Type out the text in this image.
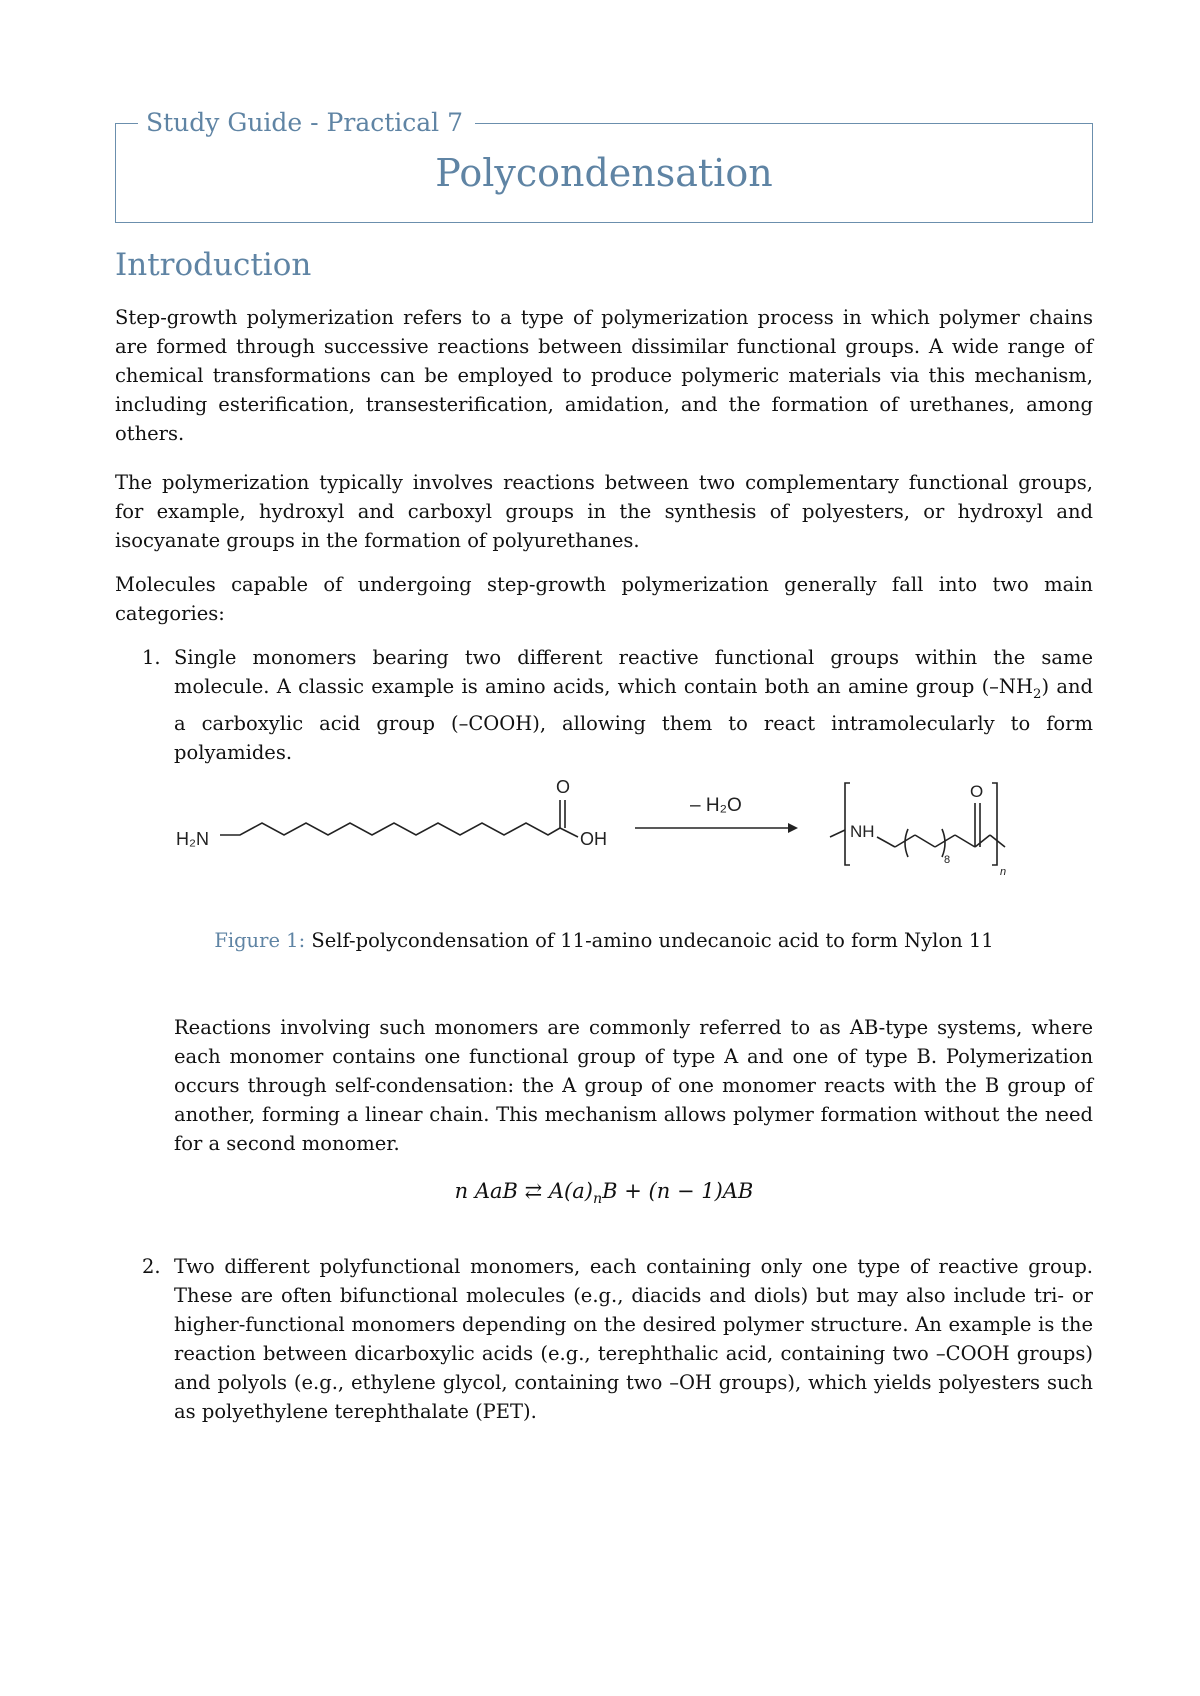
Study Guide - Practical 7
Polycondensation
Introduction

Step-growth polymerization refers to a type of polymerization process in which polymer chains are formed through successive reactions between dissimilar functional groups. A wide range of chemical transformations can be employed to produce polymeric materials via this mechanism, including esterification, transesterification, amidation, and the formation of urethanes, among others.

The polymerization typically involves reactions between two complementary functional groups, for example, hydroxyl and carboxyl groups in the synthesis of polyesters, or hydroxyl and isocyanate groups in the formation of polyurethanes.

Molecules capable of undergoing step-growth polymerization generally fall into two main categories:

1. Single monomers bearing two different reactive functional groups within the same molecule. A classic example is amino acids, which contain both an amine group $(-NH_2)$ and a carboxylic acid group (–COOH), allowing them to react intramolecularly to form polyamides.

H₂N
O
OH
– H₂O
NH
O
8
n
Figure 1: Self-polycondensation of 11-amino undecanoic acid to form Nylon 11

Reactions involving such monomers are commonly referred to as AB-type systems, where each monomer contains one functional group of type A and one of type B. Polymerization occurs through self-condensation: the A group of one monomer reacts with the B group of another, forming a linear chain. This mechanism allows polymer formation without the need for a second monomer.

n AaB ⇄ $A(a)_nB + (n - 1)AB$
2. Two different polyfunctional monomers, each containing only one type of reactive group. These are often bifunctional molecules (e.g., diacids and diols) but may also include tri- or higher-functional monomers depending on the desired polymer structure. An example is the reaction between dicarboxylic acids (e.g., terephthalic acid, containing two –COOH groups) and polyols (e.g., ethylene glycol, containing two –OH groups), which yields polyesters such as polyethylene terephthalate (PET).
